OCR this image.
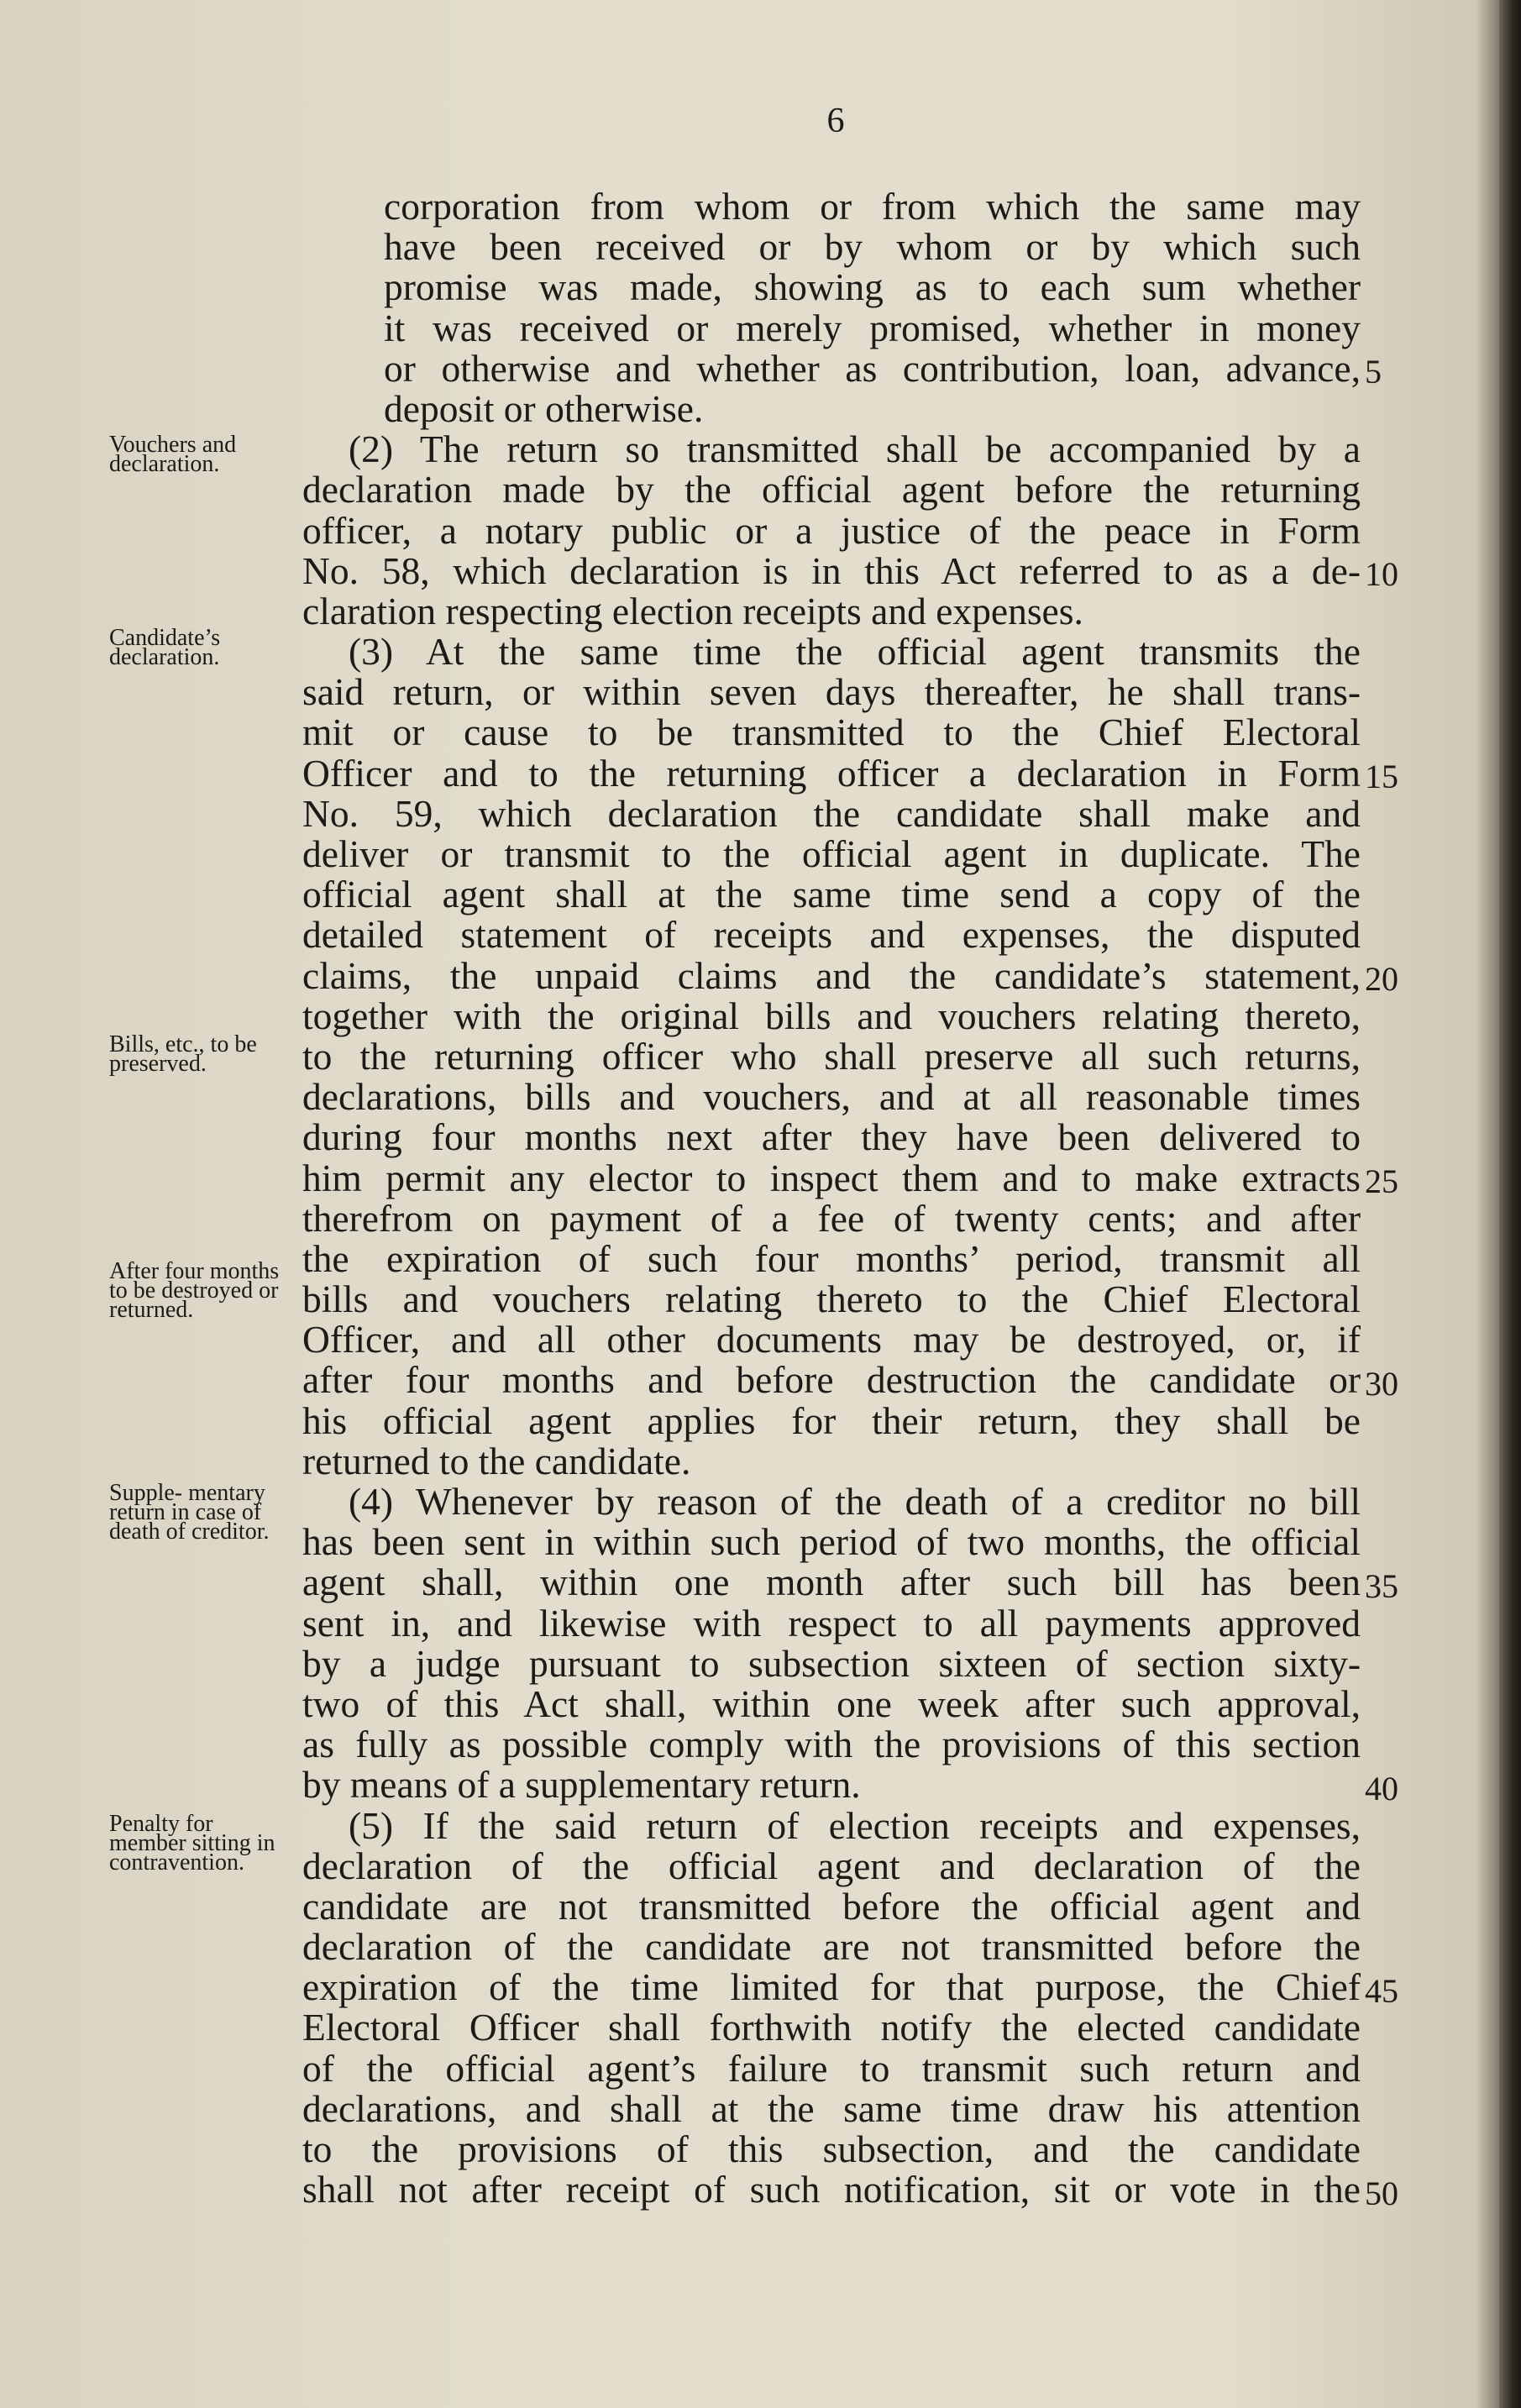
6
corporation from whom or from which the same may
have been received or by whom or by which such
promise was made, showing as to each sum whether
it was received or merely promised, whether in money
or otherwise and whether as contribution, loan, advance,
deposit or otherwise.
(2) The return so transmitted shall be accompanied by a
declaration made by the official agent before the returning
officer, a notary public or a justice of the peace in Form
No. 58, which declaration is in this Act referred to as a de-
claration respecting election receipts and expenses.
(3) At the same time the official agent transmits the
said return, or within seven days thereafter, he shall trans-
mit or cause to be transmitted to the Chief Electoral
Officer and to the returning officer a declaration in Form
No. 59, which declaration the candidate shall make and
deliver or transmit to the official agent in duplicate. The
official agent shall at the same time send a copy of the
detailed statement of receipts and expenses, the disputed
claims, the unpaid claims and the candidate’s statement,
together with the original bills and vouchers relating thereto,
to the returning officer who shall preserve all such returns,
declarations, bills and vouchers, and at all reasonable times
during four months next after they have been delivered to
him permit any elector to inspect them and to make extracts
therefrom on payment of a fee of twenty cents; and after
the expiration of such four months’ period, transmit all
bills and vouchers relating thereto to the Chief Electoral
Officer, and all other documents may be destroyed, or, if
after four months and before destruction the candidate or
his official agent applies for their return, they shall be
returned to the candidate.
(4) Whenever by reason of the death of a creditor no bill
has been sent in within such period of two months, the official
agent shall, within one month after such bill has been
sent in, and likewise with respect to all payments approved
by a judge pursuant to subsection sixteen of section sixty-
two of this Act shall, within one week after such approval,
as fully as possible comply with the provisions of this section
by means of a supplementary return.
(5) If the said return of election receipts and expenses,
declaration of the official agent and declaration of the
candidate are not transmitted before the official agent and
declaration of the candidate are not transmitted before the
expiration of the time limited for that purpose, the Chief
Electoral Officer shall forthwith notify the elected candidate
of the official agent’s failure to transmit such return and
declarations, and shall at the same time draw his attention
to the provisions of this subsection, and the candidate
shall not after receipt of such notification, sit or vote in the
Vouchers and declaration.
Candidate’s declaration.
Bills, etc., to be preserved.
After four months to be destroyed or returned.
Supple- mentary return in case of death of creditor.
Penalty for member sitting in contravention.
5
10
15
20
25
30
35
40
45
50
